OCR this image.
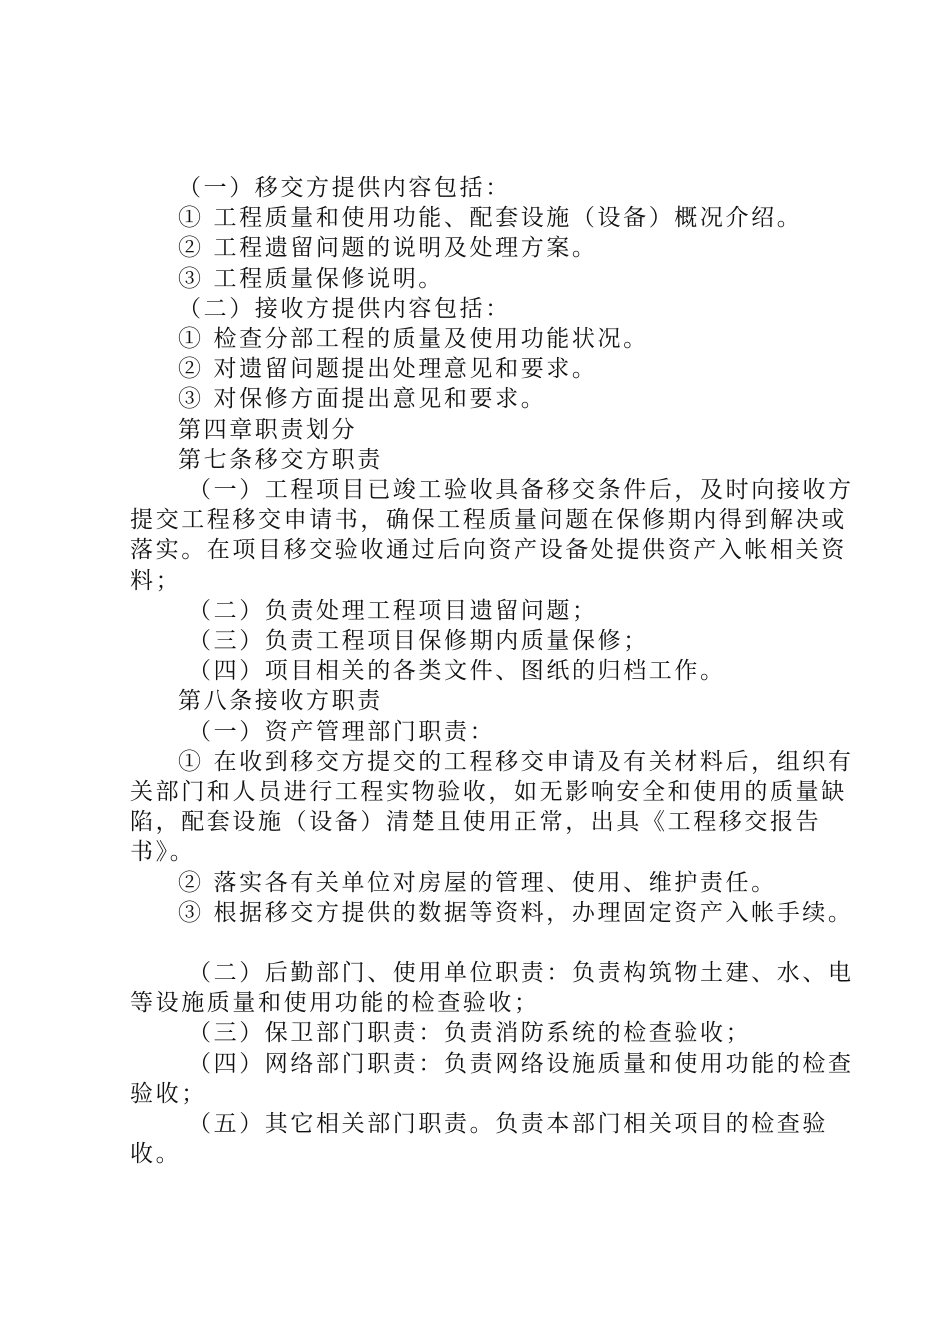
（一）移交方提供内容包括：

① 工程质量和使用功能、配套设施（设备）概况介绍。

② 工程遗留问题的说明及处理方案。

③ 工程质量保修说明。

（二）接收方提供内容包括：

① 检查分部工程的质量及使用功能状况。

② 对遗留问题提出处理意见和要求。

③ 对保修方面提出意见和要求。

第四章职责划分

第七条移交方职责

（一）工程项目已竣工验收具备移交条件后，及时向接收方提交工程移交申请书，确保工程质量问题在保修期内得到解决或落实。在项目移交验收通过后向资产设备处提供资产入帐相关资料；

（二）负责处理工程项目遗留问题；

（三）负责工程项目保修期内质量保修；

（四）项目相关的各类文件、图纸的归档工作。

第八条接收方职责

（一）资产管理部门职责：

① 在收到移交方提交的工程移交申请及有关材料后，组织有关部门和人员进行工程实物验收，如无影响安全和使用的质量缺陷，配套设施（设备）清楚且使用正常，出具《工程移交报告书》。

② 落实各有关单位对房屋的管理、使用、维护责任。

③ 根据移交方提供的数据等资料，办理固定资产入帐手续。

（二）后勤部门、使用单位职责：负责构筑物土建、水、电等设施质量和使用功能的检查验收；

（三）保卫部门职责：负责消防系统的检查验收；

（四）网络部门职责：负责网络设施质量和使用功能的检查验收；

（五）其它相关部门职责。负责本部门相关项目的检查验收。
